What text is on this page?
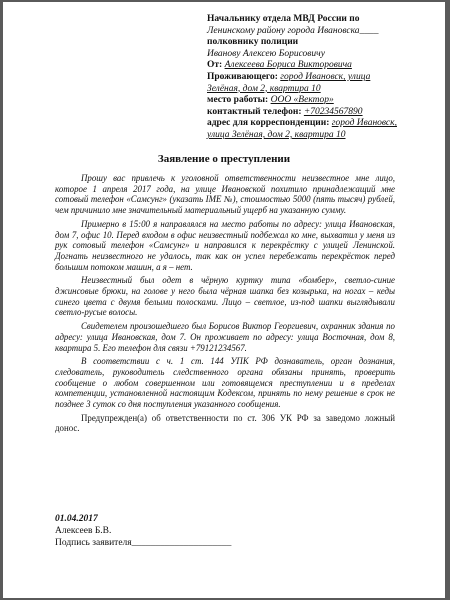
Начальнику отдела МВД России по
Ленинскому району города Ивановска____
полковнику полиции
Иванову Алексею Борисовичу
От: Алексеева Бориса Викторовича
Проживающего: город Ивановск, улица
Зелёная, дом 2, квартира 10
место работы: ООО «Вектор»
контактный телефон: +70234567890
адрес для корреспонденции: город Ивановск,
улица Зелёная, дом 2, квартира 10
Заявление о преступлении

Прошу вас привлечь к уголовной ответственности неизвестное мне лицо, которое 1 апреля 2017 года, на улице Ивановской похитило принадлежащий мне сотовый телефон «Самсунг» (указать IME №), стоимостью 5000 (пять тысяч) рублей, чем причинило мне значительный материальный ущерб на указанную сумму.

Примерно в 15:00 я направлялся на место работы по адресу: улица Ивановская, дом 7, офис 10. Перед входом в офис неизвестный подбежал ко мне, выхватил у меня из рук сотовый телефон «Самсунг» и направился к перекрёстку с улицей Ленинской. Догнать неизвестного не удалось, так как он успел перебежать перекрёсток перед большим потоком машин, а я – нет.

Неизвестный был одет в чёрную куртку типа «бомбер», светло-синие джинсовые брюки, на голове у него была чёрная шапка без козырька, на ногах – кеды синего цвета с двумя белыми полосками. Лицо – светлое, из-под шапки выглядывали светло-русые волосы.

Свидетелем произошедшего был Борисов Виктор Георгиевич, охранник здания по адресу: улица Ивановская, дом 7. Он проживает по адресу: улица Восточная, дом 8, квартира 5. Его телефон для связи +79121234567.

В соответствии с ч. 1 ст. 144 УПК РФ дознаватель, орган дознания, следователь, руководитель следственного органа обязаны принять, проверить сообщение о любом совершенном или готовящемся преступлении и в пределах компетенции, установленной настоящим Кодексом, принять по нему решение в срок не позднее 3 суток со дня поступления указанного сообщения.

Предупрежден(а) об ответственности по ст. 306 УК РФ за заведомо ложный донос.

01.04.2017
Алексеев Б.В.
Подпись заявителя_____________________
